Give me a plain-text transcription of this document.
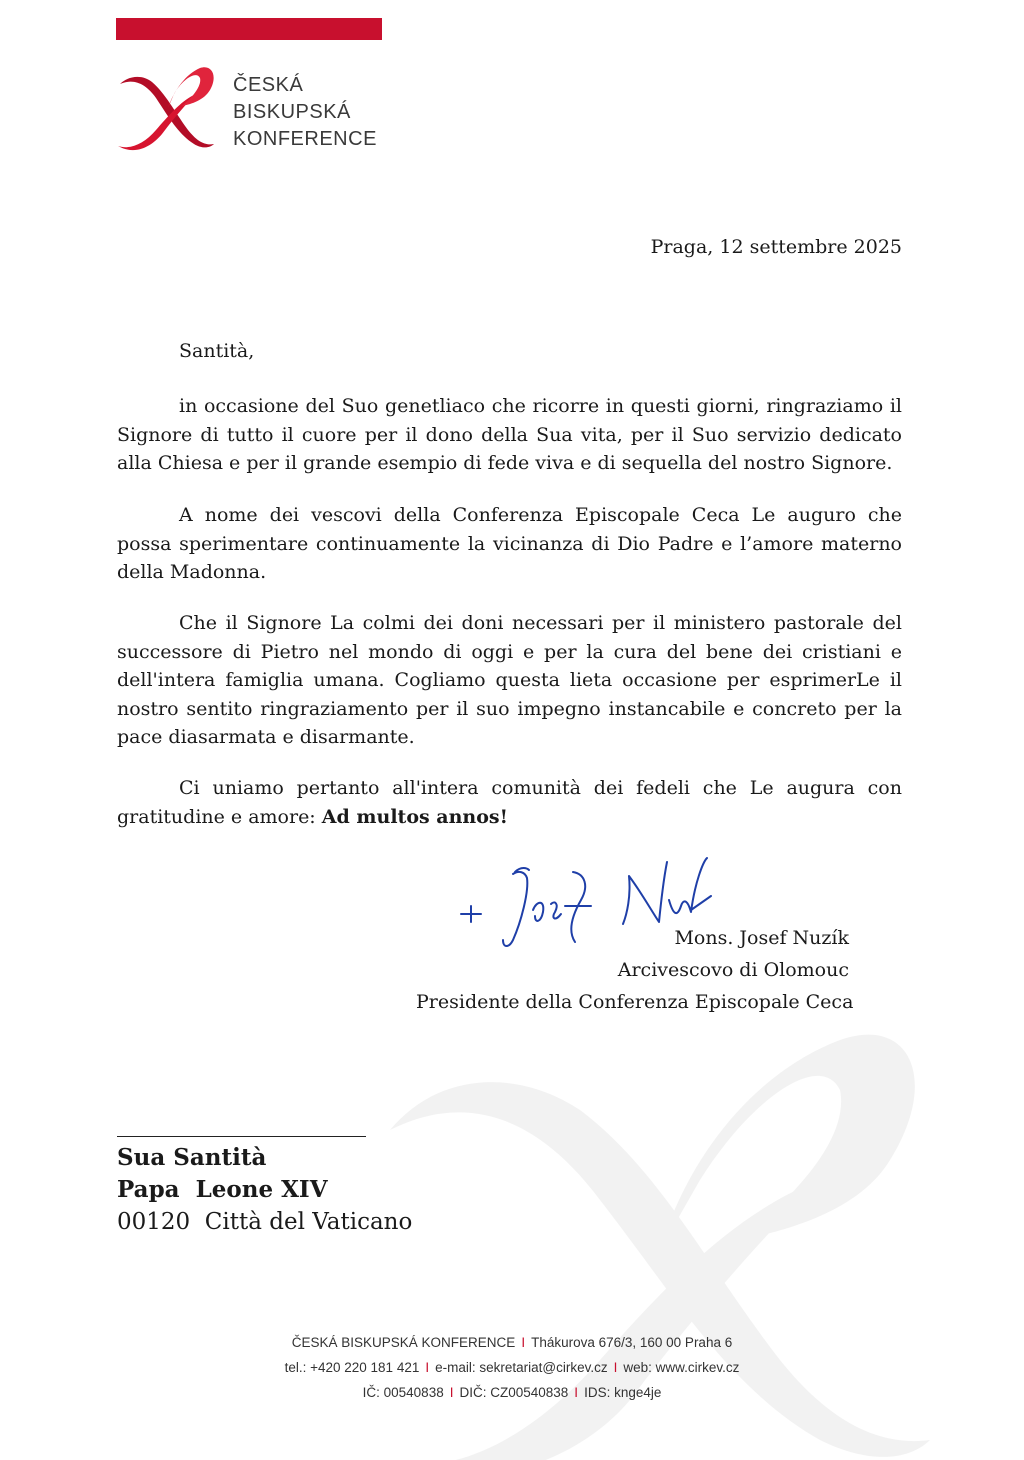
ČESKÁ
BISKUPSKÁ
KONFERENCE
Praga, 12 settembre 2025
Santità,

in occasione del Suo genetliaco che ricorre in questi giorni, ringraziamo il Signore di tutto il cuore per il dono della Sua vita, per il Suo servizio dedicato alla Chiesa e per il grande esempio di fede viva e di sequella del nostro Signore.

A nome dei vescovi della Conferenza Episcopale Ceca Le auguro che possa sperimentare continuamente la vicinanza di Dio Padre e l’amore materno della Madonna.

Che il Signore La colmi dei doni necessari per il ministero pastorale del successore di Pietro nel mondo di oggi e per la cura del bene dei cristiani e dell'intera famiglia umana. Cogliamo questa lieta occasione per esprimerLe il nostro sentito ringraziamento per il suo impegno instancabile e concreto per la pace diasarmata e disarmante.

Ci uniamo pertanto all'intera comunità dei fedeli che Le augura con gratitudine e amore: Ad multos annos!

Mons. Josef Nuzík
Arcivescovo di Olomouc
Presidente della Conferenza Episcopale Ceca
Sua Santità
Papa  Leone XIV
00120  Città del Vaticano
ČESKÁ BISKUPSKÁ KONFERENCE I Thákurova 676/3, 160 00 Praha 6
tel.: +420 220 181 421 I e-mail: sekretariat@cirkev.cz I web: www.cirkev.cz
IČ: 00540838 I DIČ: CZ00540838 I IDS: knge4je
